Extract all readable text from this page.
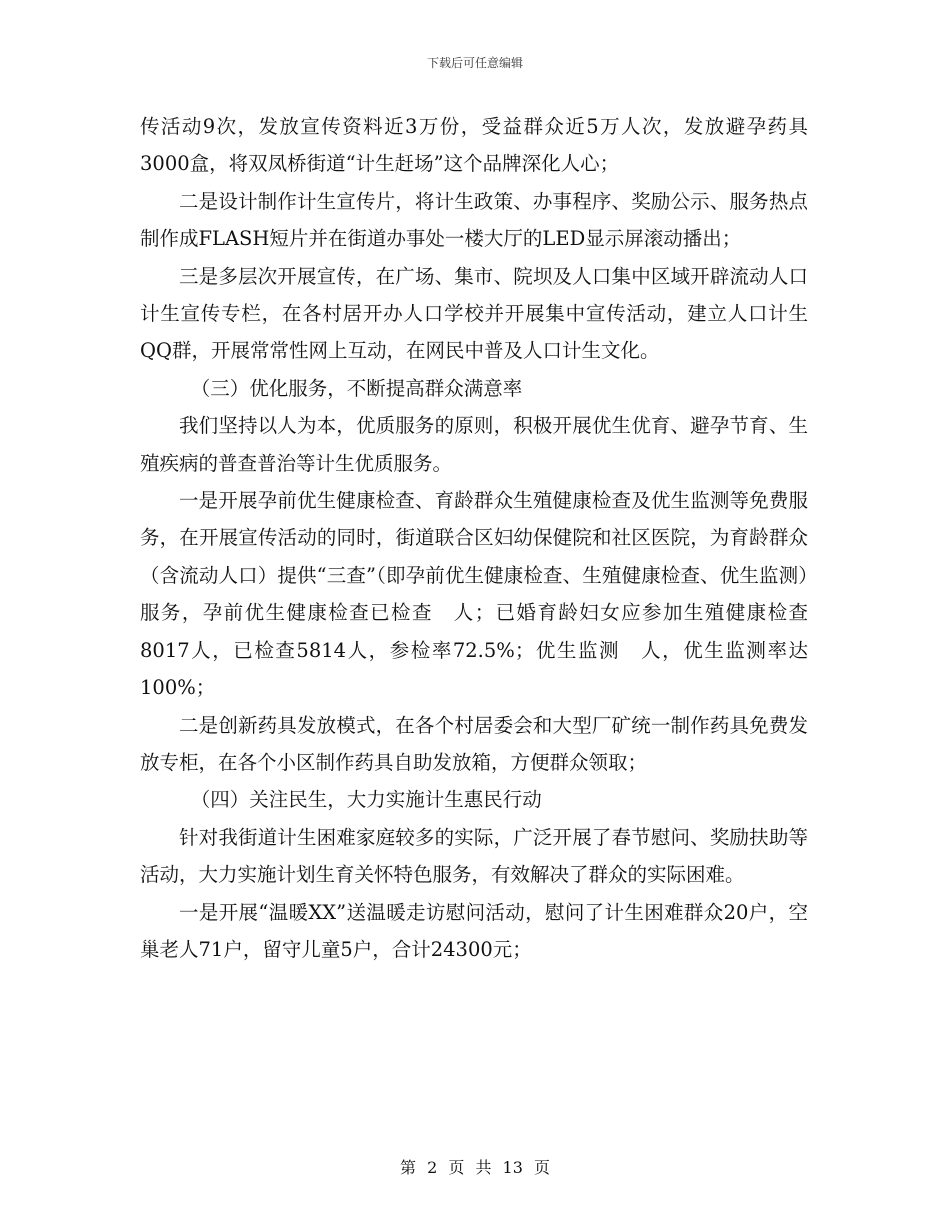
下载后可任意编辑

传活动9次，发放宣传资料近3万份，受益群众近5万人次，发放避孕药具3000盒，将双凤桥街道“计生赶场”这个品牌深化人心；

二是设计制作计生宣传片，将计生政策、办事程序、奖励公示、服务热点制作成FLASH短片并在街道办事处一楼大厅的LED显示屏滚动播出；

三是多层次开展宣传，在广场、集市、院坝及人口集中区域开辟流动人口计生宣传专栏，在各村居开办人口学校并开展集中宣传活动，建立人口计生QQ群，开展常常性网上互动，在网民中普及人口计生文化。

（三）优化服务，不断提高群众满意率

我们坚持以人为本，优质服务的原则，积极开展优生优育、避孕节育、生殖疾病的普查普治等计生优质服务。

一是开展孕前优生健康检查、育龄群众生殖健康检查及优生监测等免费服务，在开展宣传活动的同时，街道联合区妇幼保健院和社区医院，为育龄群众（含流动人口）提供“三查”（即孕前优生健康检查、生殖健康检查、优生监测）服务，孕前优生健康检查已检查　人；已婚育龄妇女应参加生殖健康检查8017人，已检查5814人，参检率72.5%；优生监测　人，优生监测率达100%；

二是创新药具发放模式，在各个村居委会和大型厂矿统一制作药具免费发放专柜，在各个小区制作药具自助发放箱，方便群众领取；

（四）关注民生，大力实施计生惠民行动

针对我街道计生困难家庭较多的实际，广泛开展了春节慰问、奖励扶助等活动，大力实施计划生育关怀特色服务，有效解决了群众的实际困难。

一是开展“温暖XX”送温暖走访慰问活动，慰问了计生困难群众20户，空巢老人71户，留守儿童5户，合计24300元；

第 2 页 共 13 页
